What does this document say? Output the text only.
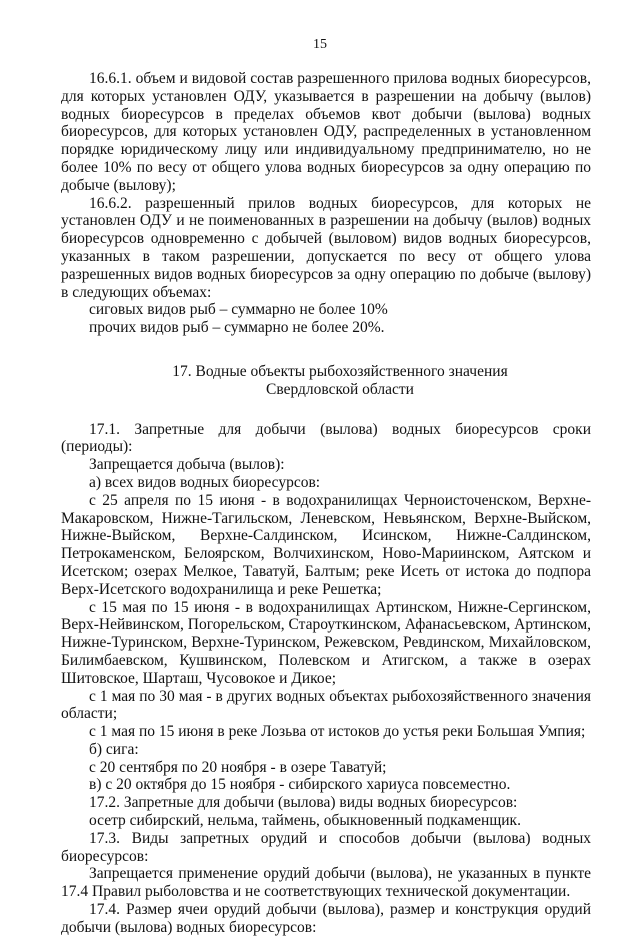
15

16.6.1. объем и видовой состав разрешенного прилова водных биоресурсов, для которых установлен ОДУ, указывается в разрешении на добычу (вылов) водных биоресурсов в пределах объемов квот добычи (вылова) водных биоресурсов, для которых установлен ОДУ, распределенных в установленном порядке юридическому лицу или индивидуальному предпринимателю, но не более 10% по весу от общего улова водных биоресурсов за одну операцию по добыче (вылову);

16.6.2. разрешенный прилов водных биоресурсов, для которых не установлен ОДУ и не поименованных в разрешении на добычу (вылов) водных биоресурсов одновременно с добычей (выловом) видов водных биоресурсов, указанных в таком разрешении, допускается по весу от общего улова разрешенных видов водных биоресурсов за одну операцию по добыче (вылову) в следующих объемах:

сиговых видов рыб – суммарно не более 10%

прочих видов рыб – суммарно не более 20%.

17. Водные объекты рыбохозяйственного значения

Свердловской области

17.1. Запретные для добычи (вылова) водных биоресурсов сроки (периоды):

Запрещается добыча (вылов):

а) всех видов водных биоресурсов:

с 25 апреля по 15 июня - в водохранилищах Черноисточенском, Верхне-Макаровском, Нижне-Тагильском, Леневском, Невьянском, Верхне-Выйском, Нижне-Выйском, Верхне-Салдинском, Исинском, Нижне-Салдинском, Петрокаменском, Белоярском, Волчихинском, Ново-Мариинском, Аятском и Исетском; озерах Мелкое, Таватуй, Балтым; реке Исеть от истока до подпора Верх-Исетского водохранилища и реке Решетка;

с 15 мая по 15 июня - в водохранилищах Артинском, Нижне-Сергинском, Верх-Нейвинском, Погорельском, Староуткинском, Афанасьевском, Артинском, Нижне-Туринском, Верхне-Туринском, Режевском, Ревдинском, Михайловском, Билимбаевском, Кушвинском, Полевском и Атигском, а также в озерах Шитовское, Шарташ, Чусовокое и Дикое;

с 1 мая по 30 мая - в других водных объектах рыбохозяйственного значения области;

с 1 мая по 15 июня в реке Лозьва от истоков до устья реки Большая Умпия;

б) сига:

с 20 сентября по 20 ноября - в озере Таватуй;

в) с 20 октября до 15 ноября - сибирского хариуса повсеместно.

17.2. Запретные для добычи (вылова) виды водных биоресурсов:

осетр сибирский, нельма, таймень, обыкновенный подкаменщик.

17.3. Виды запретных орудий и способов добычи (вылова) водных биоресурсов:

Запрещается применение орудий добычи (вылова), не указанных в пункте 17.4 Правил рыболовства и не соответствующих технической документации.

17.4. Размер ячеи орудий добычи (вылова), размер и конструкция орудий добычи (вылова) водных биоресурсов:
